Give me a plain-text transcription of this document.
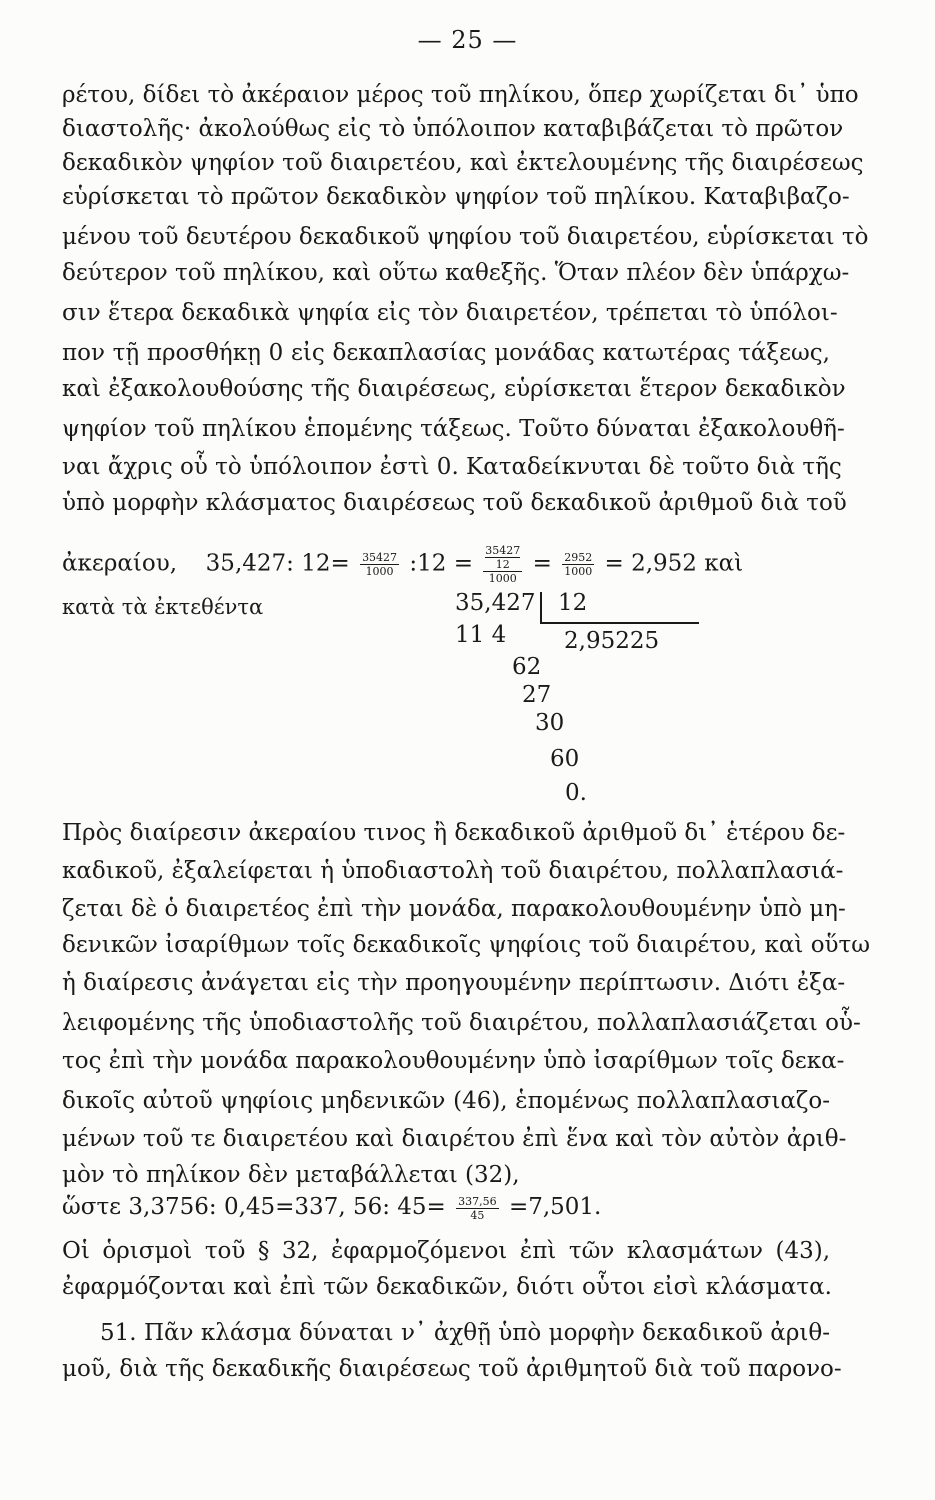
— 25 —
ρέτου, δίδει τὸ ἀκέραιον μέρος τοῦ πηλίκου, ὅπερ χωρίζεται δι᾽ ὑπο
διαστολῆς· ἀκολούθως εἰς τὸ ὑπόλοιπον καταβιβάζεται τὸ πρῶτον
δεκαδικὸν ψηφίον τοῦ διαιρετέου, καὶ ἐκτελουμένης τῆς διαιρέσεως
εὑρίσκεται τὸ πρῶτον δεκαδικὸν ψηφίον τοῦ πηλίκου. Καταβιβαζο-
μένου τοῦ δευτέρου δεκαδικοῦ ψηφίου τοῦ διαιρετέου, εὑρίσκεται τὸ
δεύτερον τοῦ πηλίκου, καὶ οὕτω καθεξῆς. Ὅταν πλέον δὲν ὑπάρχω-
σιν ἕτερα δεκαδικὰ ψηφία εἰς τὸν διαιρετέον, τρέπεται τὸ ὑπόλοι-
πον τῇ προσθήκῃ 0 εἰς δεκαπλασίας μονάδας κατωτέρας τάξεως,
καὶ ἐξακολουθούσης τῆς διαιρέσεως, εὑρίσκεται ἕτερον δεκαδικὸν
ψηφίον τοῦ πηλίκου ἑπομένης τάξεως. Τοῦτο δύναται ἐξακολουθῆ-
ναι ἄχρις οὗ τὸ ὑπόλοιπον ἐστὶ 0. Καταδείκνυται δὲ τοῦτο διὰ τῆς
ὑπὸ μορφὴν κλάσματος διαιρέσεως τοῦ δεκαδικοῦ ἀριθμοῦ διὰ τοῦ
ἀκεραίου, 35,427: $12= \frac{35427}{1000}$ :12 = 35427
12
$1000 = \frac{2952}{1000} = 2,952$ καὶ
κατὰ τὰ ἐκτεθέντα	35,427 12
11 4	2,95225
62
27
30
60
0.
Πρὸς διαίρεσιν ἀκεραίου τινος ἢ δεκαδικοῦ ἀριθμοῦ δι᾽ ἑτέρου δε-
καδικοῦ, ἐξαλείφεται ἡ ὑποδιαστολὴ τοῦ διαιρέτου, πολλαπλασιά-
ζεται δὲ ὁ διαιρετέος ἐπὶ τὴν μονάδα, παρακολουθουμένην ὑπὸ μη-
δενικῶν ἰσαρίθμων τοῖς δεκαδικοῖς ψηφίοις τοῦ διαιρέτου, καὶ οὕτω
ἡ διαίρεσις ἀνάγεται εἰς τὴν προηγουμένην περίπτωσιν. Διότι ἐξα-
λειφομένης τῆς ὑποδιαστολῆς τοῦ διαιρέτου, πολλαπλασιάζεται οὗ-
τος ἐπὶ τὴν μονάδα παρακολουθουμένην ὑπὸ ἰσαρίθμων τοῖς δεκα-
δικοῖς αὐτοῦ ψηφίοις μηδενικῶν (46), ἑπομένως πολλαπλασιαζο-
μένων τοῦ τε διαιρετέου καὶ διαιρέτου ἐπὶ ἕνα καὶ τὸν αὐτὸν ἀριθ-
μὸν τὸ πηλίκον δὲν μεταβάλλεται (32),
ὥστε 3,3756: 0,45=337, 56: $45= \frac{337,56}{45} =7,501$.
Οἱ ὁρισμοὶ τοῦ § 32, ἐφαρμοζόμενοι ἐπὶ τῶν κλασμάτων (43),
ἐφαρμόζονται καὶ ἐπὶ τῶν δεκαδικῶν, διότι οὗτοι εἰσὶ κλάσματα.
51. Πᾶν κλάσμα δύναται ν᾽ ἀχθῇ ὑπὸ μορφὴν δεκαδικοῦ ἀριθ-
μοῦ, διὰ τῆς δεκαδικῆς διαιρέσεως τοῦ ἀριθμητοῦ διὰ τοῦ παρονο-
